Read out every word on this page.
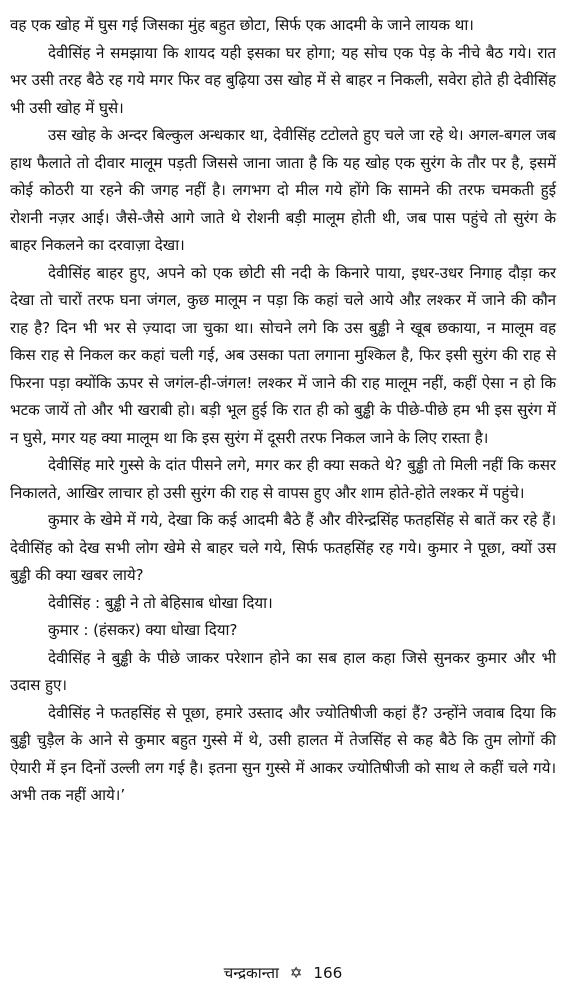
वह एक खोह में घुस गई जिसका मुंह बहुत छोटा, सिर्फ एक आदमी के जाने लायक था।

देवीसिंह ने समझाया कि शायद यही इसका घर होगा; यह सोच एक पेड़ के नीचे बैठ गये। रात भर उसी तरह बैठे रह गये मगर फिर वह बुढ़िया उस खोह में से बाहर न निकली, सवेरा होते ही देवीसिंह भी उसी खोह में घुसे।

उस खोह के अन्दर बिल्कुल अन्धकार था, देवीसिंह टटोलते हुए चले जा रहे थे। अगल-बगल जब हाथ फैलाते तो दीवार मालूम पड़ती जिससे जाना जाता है कि यह खोह एक सुरंग के तौर पर है, इसमें कोई कोठरी या रहने की जगह नहीं है। लगभग दो मील गये होंगे कि सामने की तरफ चमकती हुई रोशनी नज़र आई। जैसे-जैसे आगे जाते थे रोशनी बड़ी मालूम होती थी, जब पास पहुंचे तो सुरंग के बाहर निकलने का दरवाज़ा देखा।

देवीसिंह बाहर हुए, अपने को एक छोटी सी नदी के किनारे पाया, इधर-उधर निगाह दौड़ा कर देखा तो चारों तरफ घना जंगल, कुछ मालूम न पड़ा कि कहां चले आये औऱ लश्कर में जाने की कौन राह है? दिन भी भर से ज़्यादा जा चुका था। सोचने लगे कि उस बुड्ढी ने खूब छकाया, न मालूम वह किस राह से निकल कर कहां चली गई, अब उसका पता लगाना मुश्किल है, फिर इसी सुरंग की राह से फिरना पड़ा क्योंकि ऊपर से जगंल-ही-जंगल! लश्कर में जाने की राह मालूम नहीं, कहीं ऐसा न हो कि भटक जायें तो और भी खराबी हो। बड़ी भूल हुई कि रात ही को बुड्ढी के पीछे-पीछे हम भी इस सुरंग में न घुसे, मगर यह क्या मालूम था कि इस सुरंग में दूसरी तरफ निकल जाने के लिए रास्ता है।

देवीसिंह मारे गुस्से के दांत पीसने लगे, मगर कर ही क्या सकते थे? बुड्ढी तो मिली नहीं कि कसर निकालते, आखिर लाचार हो उसी सुरंग की राह से वापस हुए और शाम होते-होते लश्कर में पहुंचे।

कुमार के खेमे में गये, देखा कि कई आदमी बैठे हैं और वीरेन्द्रसिंह फतहसिंह से बातें कर रहे हैं। देवीसिंह को देख सभी लोग खेमे से बाहर चले गये, सिर्फ फतहसिंह रह गये। कुमार ने पूछा, क्यों उस बुड्ढी की क्या खबर लाये?

देवीसिंह : बुड्ढी ने तो बेहिसाब धोखा दिया।

कुमार : (हंसकर) क्या धोखा दिया?

देवीसिंह ने बुड्ढी के पीछे जाकर परेशान होने का सब हाल कहा जिसे सुनकर कुमार और भी उदास हुए।

देवीसिंह ने फतहसिंह से पूछा, हमारे उस्ताद और ज्योतिषीजी कहां हैं? उन्होंने जवाब दिया कि बुड्ढी चुड़ैल के आने से कुमार बहुत गुस्से में थे, उसी हालत में तेजसिंह से कह बैठे कि तुम लोगों की ऐयारी में इन दिनों उल्ली लग गई है। इतना सुन गुस्से में आकर ज्योतिषीजी को साथ ले कहीं चले गये। अभी तक नहीं आये।’

चन्द्रकान्ता ✡ 166
